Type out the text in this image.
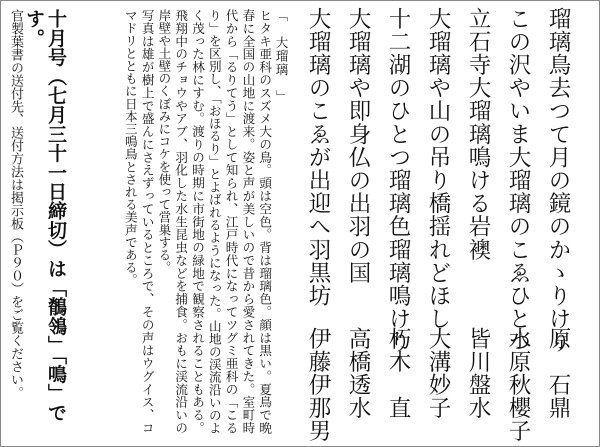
瑠璃鳥去つて月の鏡のかゝりけり
原　石鼎
この沢やいま大瑠璃のこゑひとつ
水原秋櫻子
立石寺大瑠璃鳴ける岩襖
皆川盤水
大瑠璃や山の吊り橋揺れどほし
大溝妙子
十二湖のひとつ瑠璃色瑠璃鳴けり
朽木　直
大瑠璃や即身仏の出羽の国
高橋透水
大瑠璃のこゑが出迎へ羽黒坊
伊藤伊那男

「　大瑠璃　」

ヒタキ亜科のスズメ大の鳥。頭は空色。背は瑠璃色。顔は黒い。夏鳥で晩春に全国の山地に渡来。姿と声が美しいので昔から愛されてきた。室町時代から「るりてう」として知られ、江戸時代になってツグミ亜科の「こるり」を区別し、「おほるり」とよばれるようになった。山地の渓流沿いのよく茂った林にすむ。渡りの時期に市街地の緑地で観察されることもある。飛翔中のチョウやアブ、羽化した水生昆虫などを捕食。おもに渓流沿いの岸壁や土壁のくぼみにコケを使って営巣する。

写真は雄が樹上で盛んにさえずっているところで、その声はウグイス、コマドリとともに日本三鳴鳥とされる美声である。

十月号（七月三十一日締切）は「鶺鴒」「鳴」です。
官製葉書の送付先、送付方法は掲示板（Ｐ９０）をご覧ください。
